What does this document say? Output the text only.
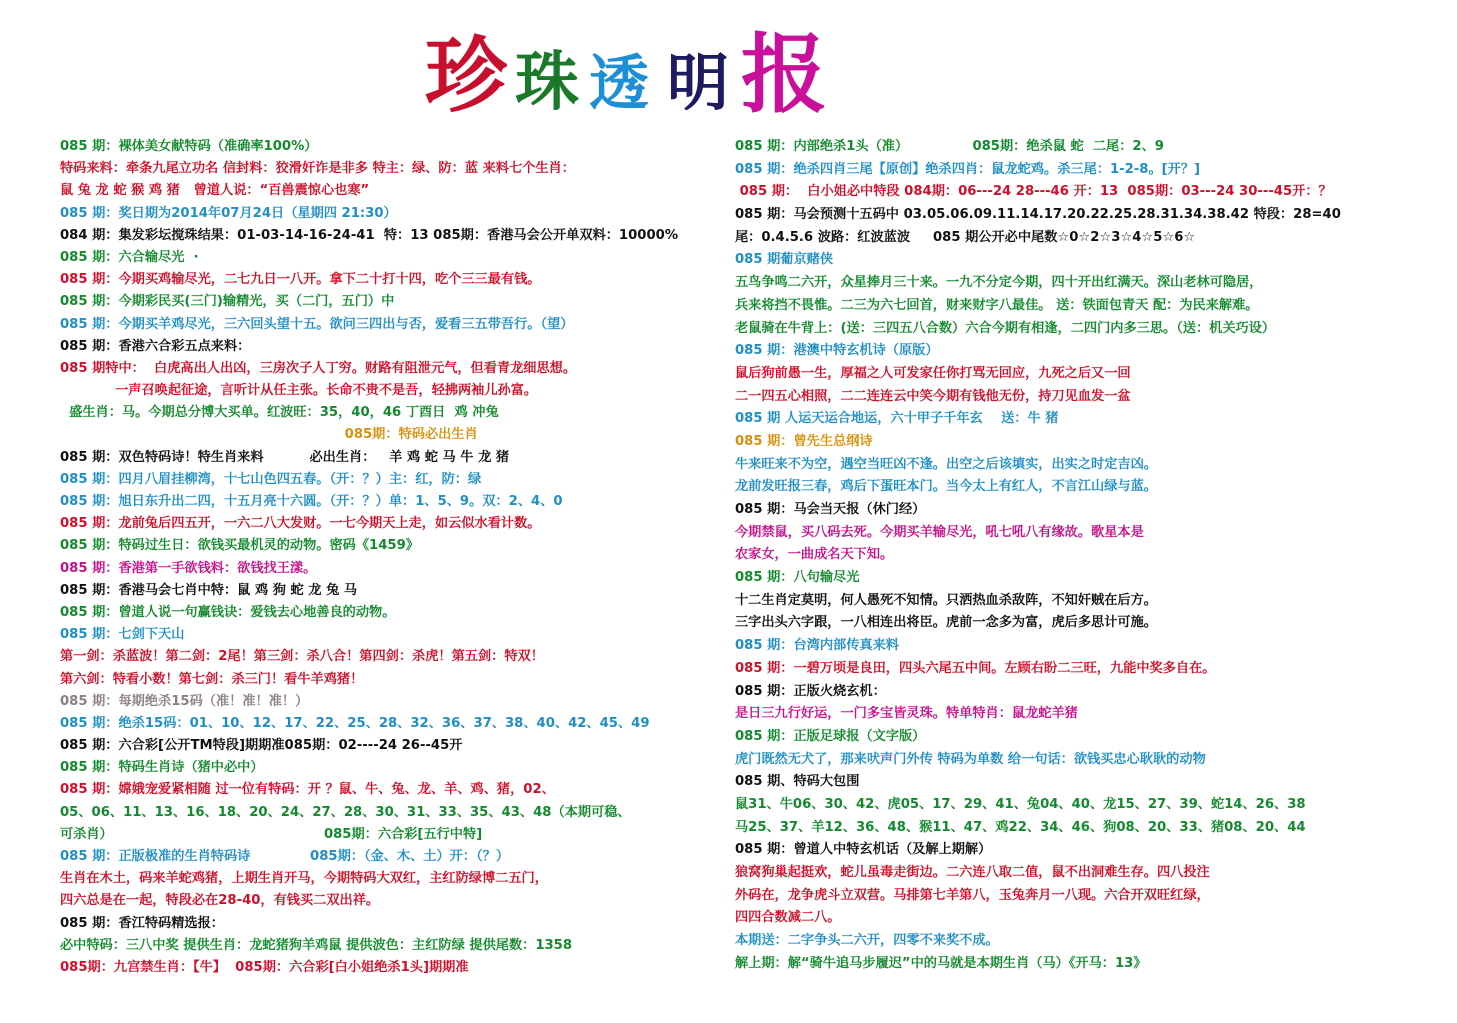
珍 珠 透 明 报
085 期：裸体美女献特码（准确率100%）
特码来料：牵条九尾立功名 信封料：狡滑奸诈是非多 特主：绿、防：蓝 来料七个生肖：
鼠 兔 龙 蛇 猴 鸡 猪   曾道人说：“百兽震惊心也寒”
085 期：奖日期为2014年07月24日（星期四 21:30）
084 期：集发彩坛搅珠结果：01-03-14-16-24-41  特：13 085期：香港马会公开单双料：10000%
085 期：六合输尽光  ·
085 期：今期买鸡输尽光，二七九日一八开。拿下二十打十四，吃个三三最有钱。
085 期：今期彩民买(三门)输精光，买（二门，五门）中
085 期：今期买羊鸡尽光，三六回头望十五。欲问三四出与否，爱看三五带吾行。（望）
085 期：香港六合彩五点来料：
085 期特中：  白虎高出人出凶，三房次子人丁穷。财路有阻泄元气，但看青龙细思想。
一声召唤起征途，言听计从任主张。长命不贵不是吾，轻拂两袖儿孙富。
盛生肖：马。今期总分博大买单。红波旺：35，40，46 丁酉日  鸡 冲兔
085期：特码必出生肖
085 期：双色特码诗！特生肖来料          必出生肖：   羊 鸡 蛇 马 牛 龙 猪
085 期：四月八眉挂柳湾，十七山色四五春。（开：？）主：红，防：绿
085 期：旭日东升出二四，十五月亮十六圆。（开：？）单：1、5、9。双：2、4、0
085 期：龙前兔后四五开，一六二八大发财。一七今期天上走，如云似水看计数。
085 期：特码过生日：欲钱买最机灵的动物。密码《1459》
085 期：香港第一手欲钱料：欲钱找王漾。
085 期：香港马会七肖中特：鼠 鸡 狗 蛇 龙 兔 马
085 期：曾道人说一句赢钱诀：爱钱去心地善良的动物。
085 期：七剑下天山
第一剑：杀蓝波！第二剑：2尾！第三剑：杀八合！第四剑：杀虎！第五剑：特双！
第六剑：特看小数！第七剑：杀三门！看牛羊鸡猪！
085 期：每期绝杀15码（准！准！准！）
085 期：绝杀15码：01、10、12、17、22、25、28、32、36、37、38、40、42、45、49
085 期：六合彩[公开TM特段]期期准085期：02----24 26--45开
085 期：特码生肖诗（猪中必中）
085 期：嫦娥宠爱紧相随 过一位有特码：开 ？鼠、牛、兔、龙、羊、鸡、猪，02、
05、06、11、13、16、18、20、24、27、28、30、31、33、35、43、48（本期可稳、
可杀肖）                                              085期：六合彩[五行中特]
085 期：正版极准的生肖特码诗             085期：（金、木、土）开：（？）
生肖在木土，码来羊蛇鸡猪，上期生肖开马，今期特码大双红，主红防绿博二五门，
四六总是在一起，特段必在28-40，有钱买二双出祥。
085 期：香江特码精选报：
必中特码：三八中奖 提供生肖：龙蛇猪狗羊鸡鼠 提供波色：主红防绿 提供尾数：1358
085期：九宫禁生肖：【牛】  085期：六合彩[白小姐绝杀1头]期期准
085 期：内部绝杀1头（准）              085期：绝杀鼠 蛇  二尾：2、9
085 期：绝杀四肖三尾【原创】绝杀四肖：鼠龙蛇鸡。杀三尾：1-2-8。[开？]
085 期：  白小姐必中特段 084期：06---24 28---46 开：13  085期：03---24 30---45开：？
085 期：马会预测十五码中 03.05.06.09.11.14.17.20.22.25.28.31.34.38.42 特段：28=40
尾：0.4.5.6 波路：红波蓝波     085 期公开必中尾数☆0☆2☆3☆4☆5☆6☆
085 期葡京赌侠
五鸟争鸣二六开，众星捧月三十来。一九不分定今期，四十开出红满天。深山老林可隐居，
兵来将挡不畏惟。二三为六七回首，财来财字八最佳。 送：铁面包青天 配：为民来解难。
老鼠骑在牛背上：(送：三四五八合数）六合今期有相逢，二四门内多三思。（送：机关巧设）
085 期：港澳中特玄机诗（原版）
鼠后狗前愚一生，厚福之人可发家任你打骂无回应，九死之后又一回
二一四五心相照，二二连连云中笑今期有钱他无份，持刀见血发一盆
085 期 人运天运合地运，六十甲子千年玄    送：牛 猪
085 期：曾先生总纲诗
牛来旺来不为空，遇空当旺凶不逢。出空之后该填实，出实之时定吉凶。
龙前发旺报三春，鸡后下蛋旺本门。当今太上有红人，不言江山绿与蓝。
085 期：马会当天报（休门经）
今期禁鼠，买八码去死。今期买羊输尽光，吼七吼八有缘故。歌星本是
农家女，一曲成名天下知。
085 期：八句输尽光
十二生肖定莫明，何人愚死不知情。只洒热血杀敌阵，不知奸贼在后方。
三字出头六字跟，一八相连出将臣。虎前一念多为富，虎后多思计可施。
085 期：台湾内部传真来料
085 期：一碧万顷是良田，四头六尾五中间。左顾右盼二三旺，九能中奖多自在。
085 期：正版火烧玄机：
是日三九行好运，一门多宝皆灵珠。特单特肖：鼠龙蛇羊猪
085 期：正版足球报（文字版）
虎门既然无犬了，那来吠声门外传 特码为单数 给一句话：欲钱买忠心耿耿的动物
085 期、特码大包围
鼠31、牛06、30、42、虎05、17、29、41、兔04、40、龙15、27、39、蛇14、26、38
马25、37、羊12、36、48、猴11、47、鸡22、34、46、狗08、20、33、猪08、20、44
085 期：曾道人中特玄机话（及解上期解）
狼窝狗巢起挺欢，蛇儿虽毒走街边。二六连八取二值，鼠不出洞难生存。四八投注
外码在，龙争虎斗立双营。马排第七羊第八，玉兔奔月一八现。六合开双旺红绿，
四四合数减二八。
本期送：二字争头二六开，四零不来奖不成。
解上期：解“骑牛追马步履迟”中的马就是本期生肖（马）《开马：13》
